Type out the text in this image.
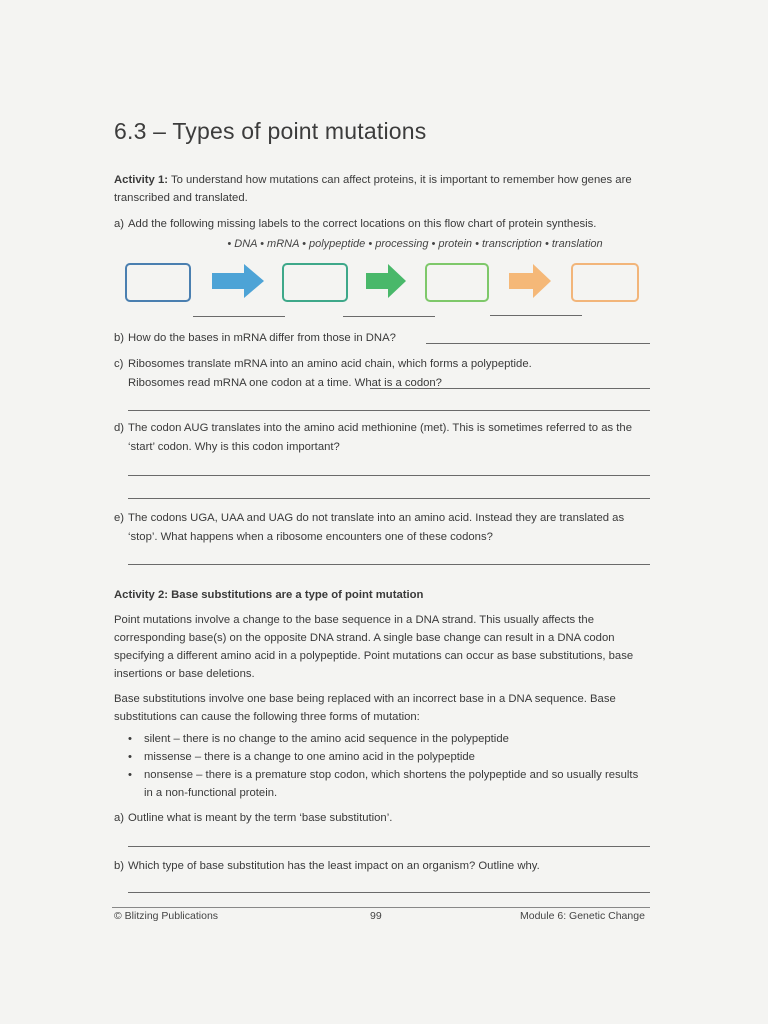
6.3 – Types of point mutations
Activity 1: To understand how mutations can affect proteins, it is important to remember how genes are transcribed and translated.
a) Add the following missing labels to the correct locations on this flow chart of protein synthesis.
• DNA • mRNA • polypeptide • processing • protein • transcription • translation
b) How do the bases in mRNA differ from those in DNA?
c) Ribosomes translate mRNA into an amino acid chain, which forms a polypeptide. Ribosomes read mRNA one codon at a time. What is a codon?
d) The codon AUG translates into the amino acid methionine (met). This is sometimes referred to as the ‘start’ codon. Why is this codon important?
e) The codons UGA, UAA and UAG do not translate into an amino acid. Instead they are translated as ‘stop’. What happens when a ribosome encounters one of these codons?
Activity 2: Base substitutions are a type of point mutation
Point mutations involve a change to the base sequence in a DNA strand. This usually affects the corresponding base(s) on the opposite DNA strand. A single base change can result in a DNA codon specifying a different amino acid in a polypeptide. Point mutations can occur as base substitutions, base insertions or base deletions.
Base substitutions involve one base being replaced with an incorrect base in a DNA sequence. Base substitutions can cause the following three forms of mutation:
• silent – there is no change to the amino acid sequence in the polypeptide
• missense – there is a change to one amino acid in the polypeptide
• nonsense – there is a premature stop codon, which shortens the polypeptide and so usually results in a non-functional protein.
a) Outline what is meant by the term ‘base substitution’.
b) Which type of base substitution has the least impact on an organism? Outline why.
© Blitzing Publications	99	Module 6: Genetic Change
